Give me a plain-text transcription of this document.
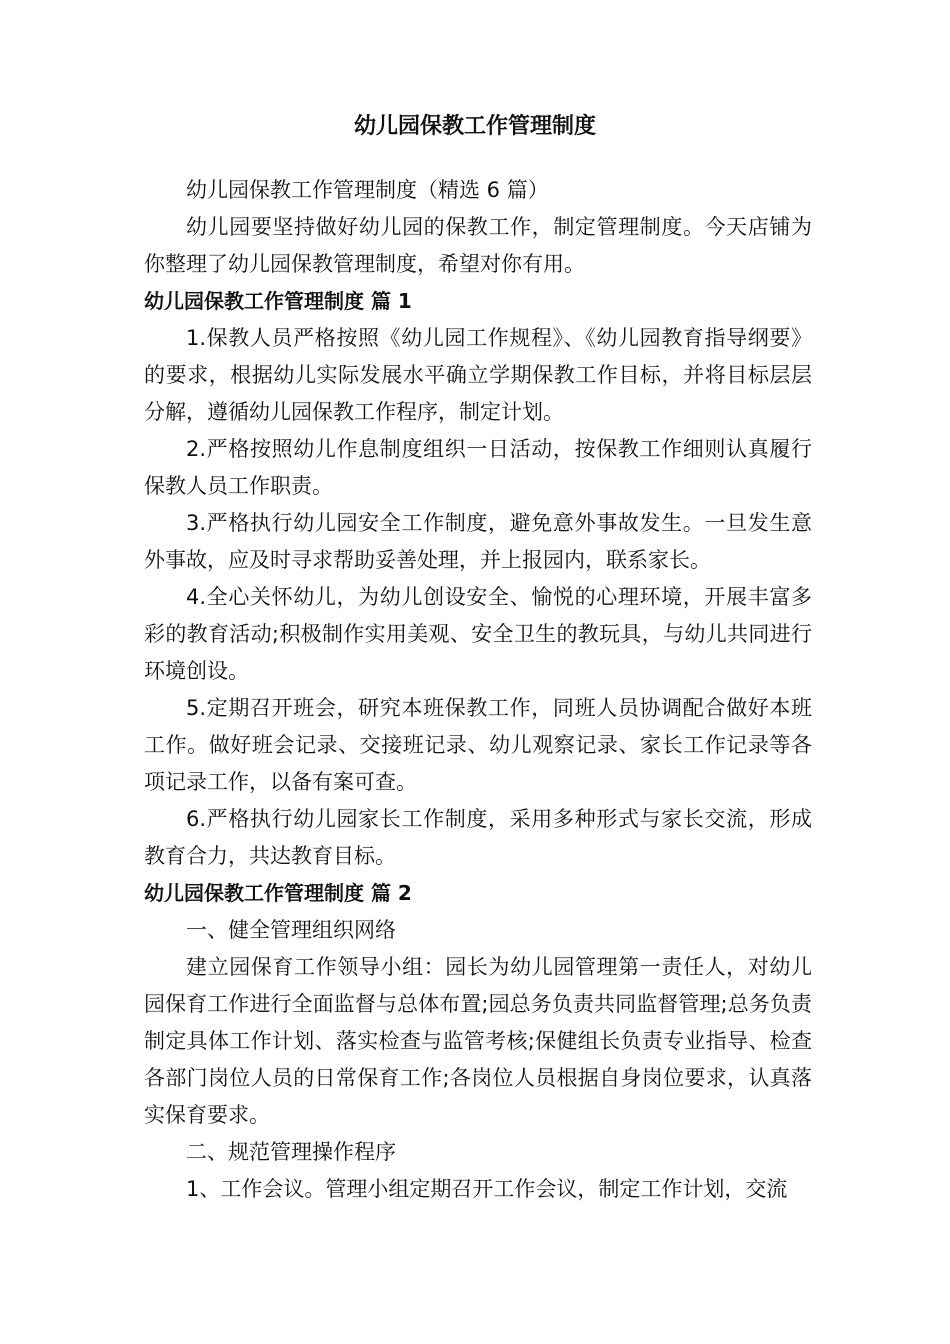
幼儿园保教工作管理制度

幼儿园保教工作管理制度（精选 6 篇）

幼儿园要坚持做好幼儿园的保教工作，制定管理制度。今天店铺为你整理了幼儿园保教管理制度，希望对你有用。

幼儿园保教工作管理制度 篇 1

1.保教人员严格按照《幼儿园工作规程》、《幼儿园教育指导纲要》的要求，根据幼儿实际发展水平确立学期保教工作目标，并将目标层层分解，遵循幼儿园保教工作程序，制定计划。

2.严格按照幼儿作息制度组织一日活动，按保教工作细则认真履行保教人员工作职责。

3.严格执行幼儿园安全工作制度，避免意外事故发生。一旦发生意外事故，应及时寻求帮助妥善处理，并上报园内，联系家长。

4.全心关怀幼儿，为幼儿创设安全、愉悦的心理环境，开展丰富多彩的教育活动;积极制作实用美观、安全卫生的教玩具，与幼儿共同进行环境创设。

5.定期召开班会，研究本班保教工作，同班人员协调配合做好本班工作。做好班会记录、交接班记录、幼儿观察记录、家长工作记录等各项记录工作，以备有案可查。

6.严格执行幼儿园家长工作制度，采用多种形式与家长交流，形成教育合力，共达教育目标。

幼儿园保教工作管理制度 篇 2

一、健全管理组织网络

建立园保育工作领导小组：园长为幼儿园管理第一责任人，对幼儿园保育工作进行全面监督与总体布置;园总务负责共同监督管理;总务负责制定具体工作计划、落实检查与监管考核;保健组长负责专业指导、检查各部门岗位人员的日常保育工作;各岗位人员根据自身岗位要求，认真落实保育要求。

二、规范管理操作程序

1、工作会议。管理小组定期召开工作会议，制定工作计划，交流
